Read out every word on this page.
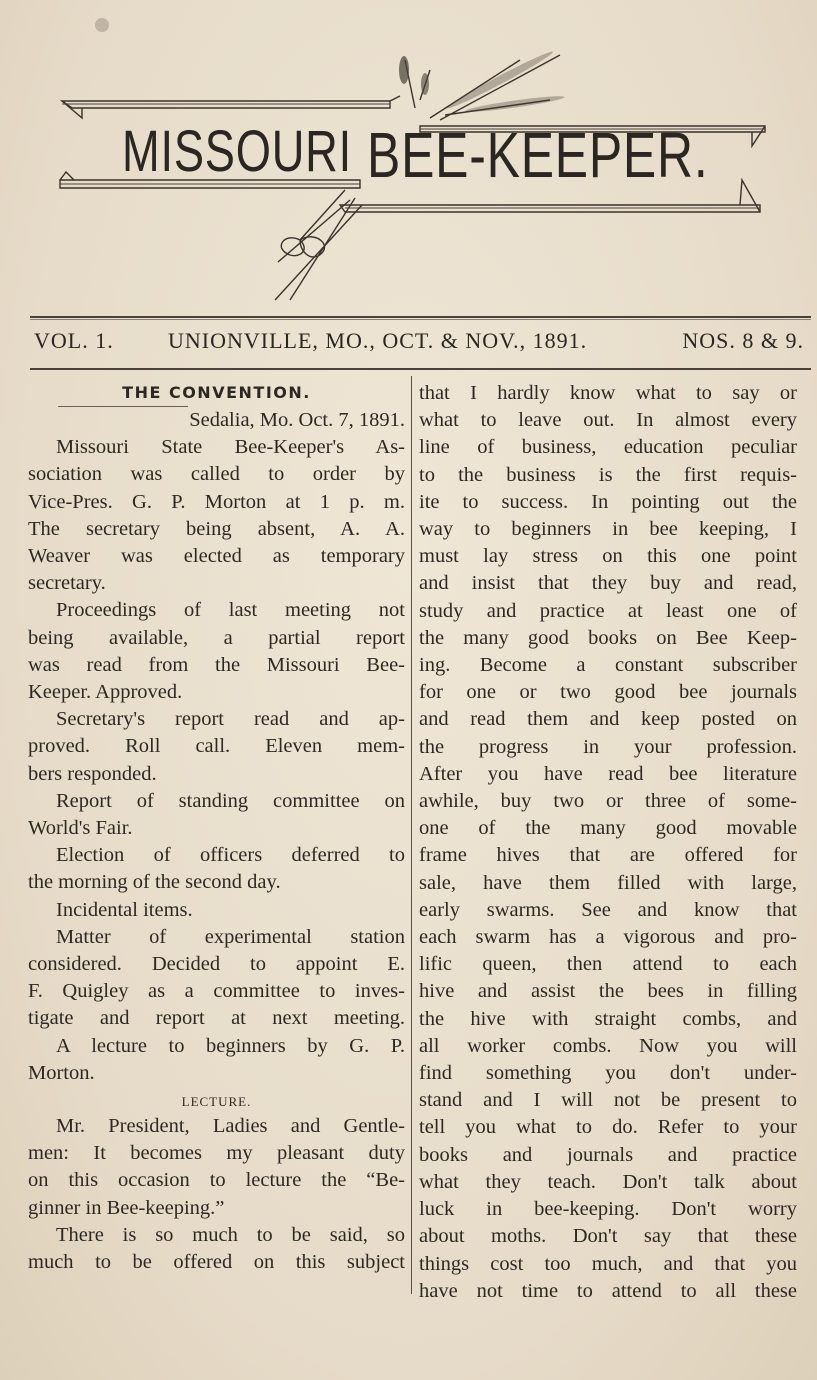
MISSOURI BEE-KEEPER.
VOL. 1. UNIONVILLE, MO., OCT. & NOV., 1891.	NOS. 8 & 9.
THE CONVENTION.
Sedalia, Mo. Oct. 7, 1891.
Missouri State Bee-Keeper's As-
sociation was called to order by
Vice-Pres. G. P. Morton at 1 p. m.
The secretary being absent, A. A.
Weaver was elected as temporary
secretary.
Proceedings of last meeting not
being available, a partial report
was read from the Missouri Bee-
Keeper. Approved.
Secretary's report read and ap-
proved. Roll call. Eleven mem-
bers responded.
Report of standing committee on
World's Fair.
Election of officers deferred to
the morning of the second day.
Incidental items.
Matter of experimental station
considered. Decided to appoint E.
F. Quigley as a committee to inves-
tigate and report at next meeting.
A lecture to beginners by G. P.
Morton.
LECTURE.
Mr. President, Ladies and Gentle-
men: It becomes my pleasant duty
on this occasion to lecture the “Be-
ginner in Bee-keeping.”
There is so much to be said, so
much to be offered on this subject
that I hardly know what to say or
what to leave out. In almost every
line of business, education peculiar
to the business is the first requis-
ite to success. In pointing out the
way to beginners in bee keeping, I
must lay stress on this one point
and insist that they buy and read,
study and practice at least one of
the many good books on Bee Keep-
ing. Become a constant subscriber
for one or two good bee journals
and read them and keep posted on
the progress in your profession.
After you have read bee literature
awhile, buy two or three of some-
one of the many good movable
frame hives that are offered for
sale, have them filled with large,
early swarms. See and know that
each swarm has a vigorous and pro-
lific queen, then attend to each
hive and assist the bees in filling
the hive with straight combs, and
all worker combs. Now you will
find something you don't under-
stand and I will not be present to
tell you what to do. Refer to your
books and journals and practice
what they teach. Don't talk about
luck in bee-keeping. Don't worry
about moths. Don't say that these
things cost too much, and that you
have not time to attend to all these
